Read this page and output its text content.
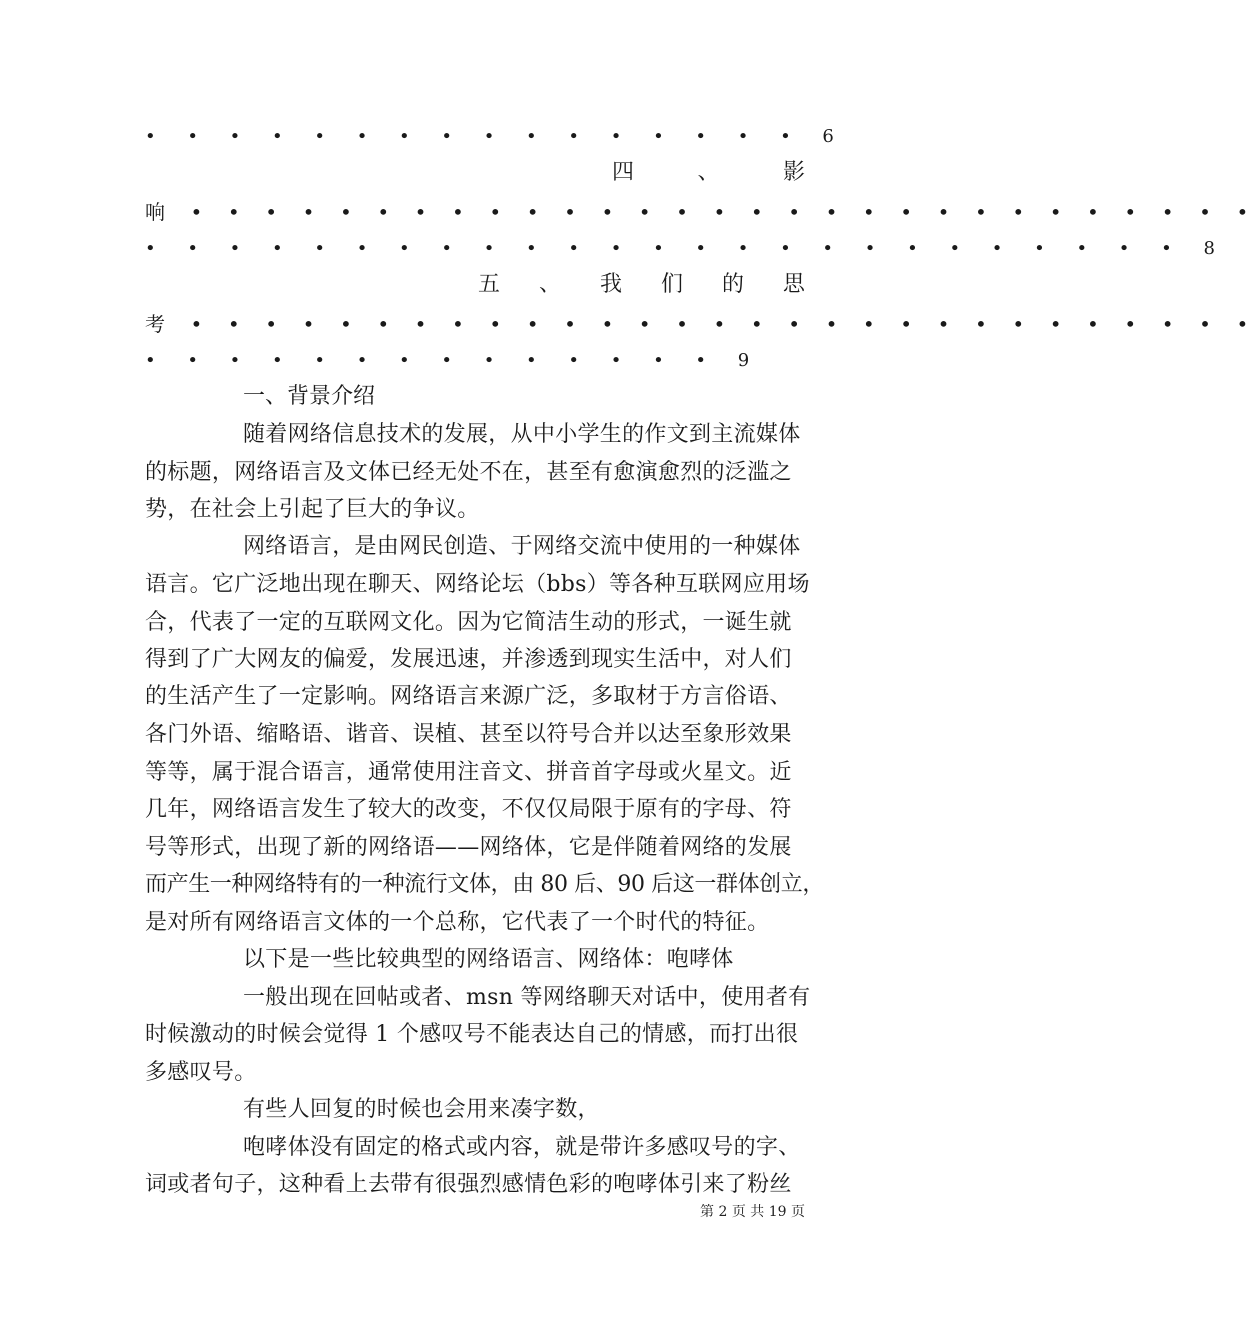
• • • • • • • • • • • • • • • • 6
四	、	影
响 • • • • • • • • • • • • • • • • • • • • • • • • • • • • •
• • • • • • • • • • • • • • • • • • • • • • • • • 8
五 、 我 们 的 思
考 • • • • • • • • • • • • • • • • • • • • • • • • • • • • •
• • • • • • • • • • • • • • 9
一、背景介绍
随着网络信息技术的发展，从中小学生的作文到主流媒体
的标题，网络语言及文体已经无处不在，甚至有愈演愈烈的泛滥之
势，在社会上引起了巨大的争议。
网络语言，是由网民创造、于网络交流中使用的一种媒体
语言。它广泛地出现在聊天、网络论坛（bbs）等各种互联网应用场
合，代表了一定的互联网文化。因为它简洁生动的形式，一诞生就
得到了广大网友的偏爱，发展迅速，并渗透到现实生活中，对人们
的生活产生了一定影响。网络语言来源广泛，多取材于方言俗语、
各门外语、缩略语、谐音、误植、甚至以符号合并以达至象形效果
等等，属于混合语言，通常使用注音文、拼音首字母或火星文。近
几年，网络语言发生了较大的改变，不仅仅局限于原有的字母、符
号等形式，出现了新的网络语——网络体，它是伴随着网络的发展
而产生一种网络特有的一种流行文体，由 80 后、90 后这一群体创立，
是对所有网络语言文体的一个总称，它代表了一个时代的特征。
以下是一些比较典型的网络语言、网络体：咆哮体
一般出现在回帖或者、msn 等网络聊天对话中，使用者有
时候激动的时候会觉得 1 个感叹号不能表达自己的情感，而打出很
多感叹号。
有些人回复的时候也会用来凑字数，
咆哮体没有固定的格式或内容，就是带许多感叹号的字、
词或者句子，这种看上去带有很强烈感情色彩的咆哮体引来了粉丝
第 2 页 共 19 页
